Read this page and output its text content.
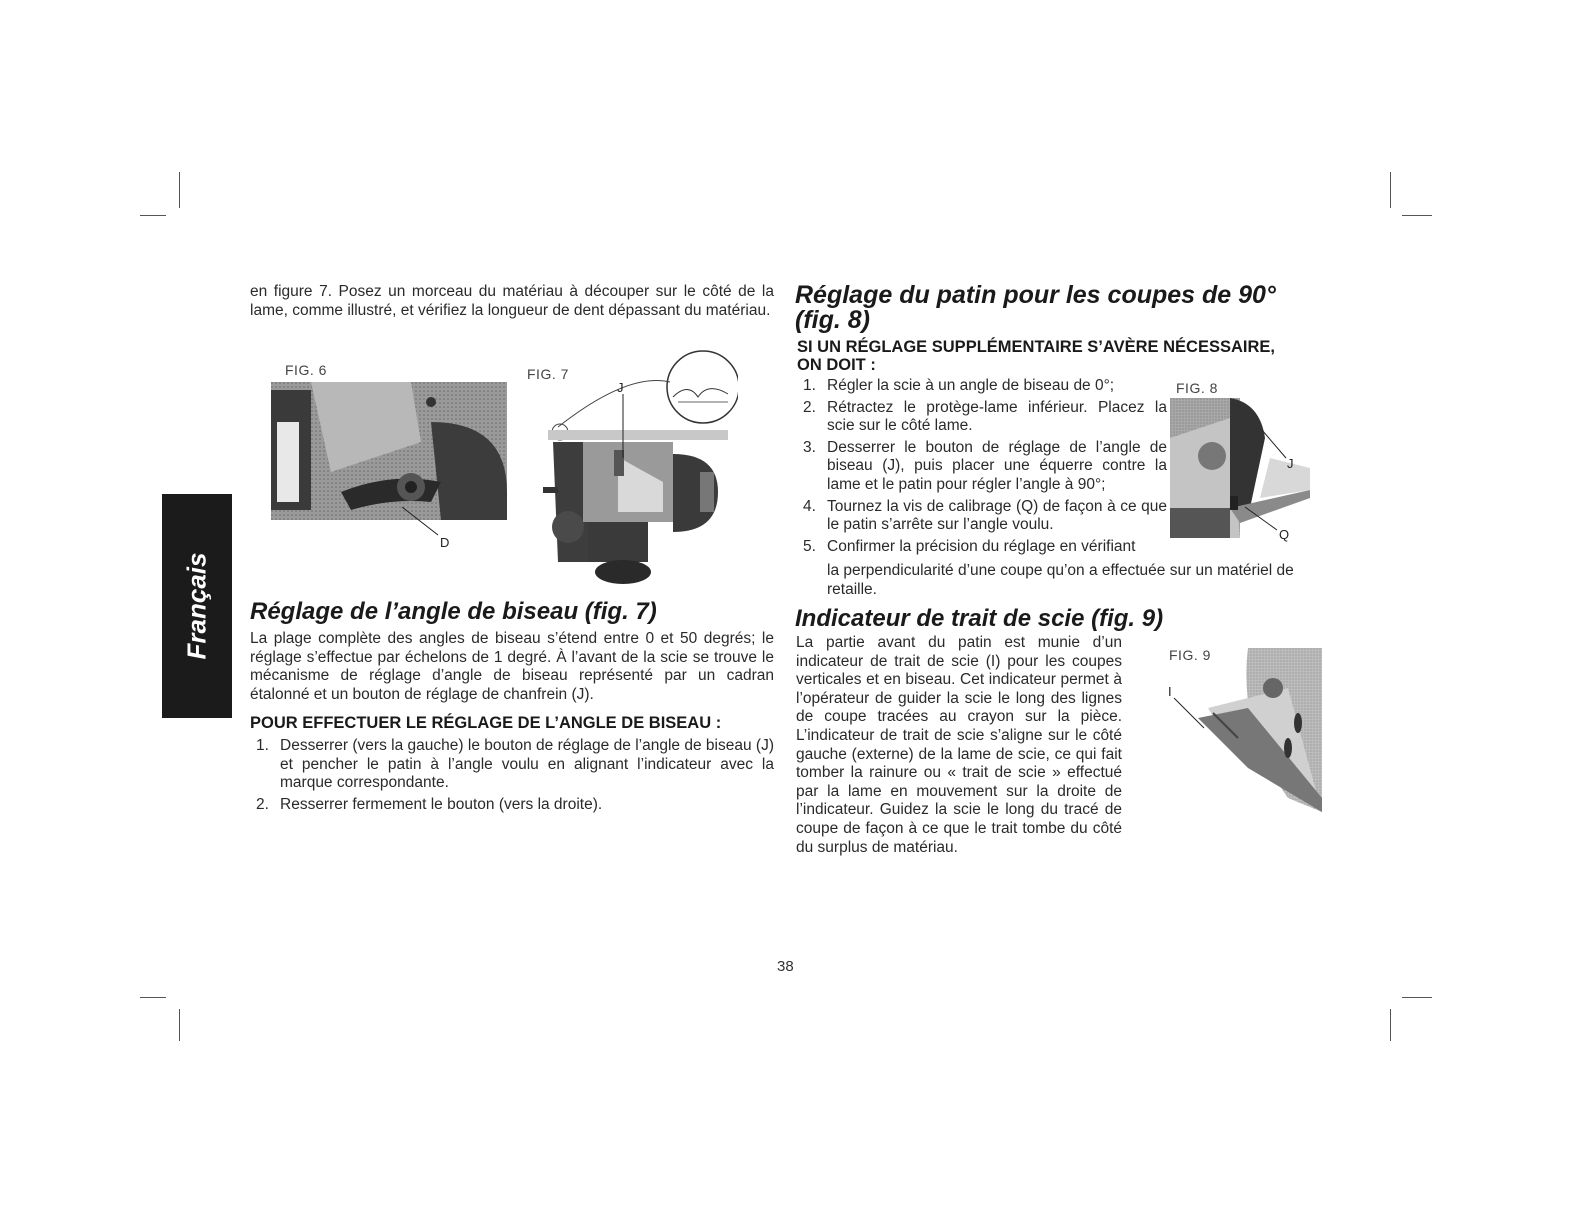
Français
en figure 7. Posez un morceau du matériau à découper sur le côté de la lame, comme illustré, et vérifiez la longueur de dent dépassant du matériau.
FIG. 6
D
FIG. 7
J
Réglage de l’angle de biseau (fig. 7)
La plage complète des angles de biseau s’étend entre 0 et 50 degrés; le réglage s’effectue par échelons de 1 degré. À l’avant de la scie se trouve le mécanisme de réglage d’angle de biseau représenté par un cadran étalonné et un bouton de réglage de chanfrein (J).
POUR EFFECTUER LE RÉGLAGE DE L’ANGLE DE BISEAU :
1. Desserrer (vers la gauche) le bouton de réglage de l’angle de biseau (J) et pencher le patin à l’angle voulu en alignant l’indicateur avec la marque correspondante.
2. Resserrer fermement le bouton (vers la droite).
Réglage du patin pour les coupes de 90°
(fig. 8)
SI UN RÉGLAGE SUPPLÉMENTAIRE S’AVÈRE NÉCESSAIRE,
ON DOIT :
1. Régler la scie à un angle de biseau de 0°;
2. Rétractez le protège-lame inférieur. Placez la scie sur le côté lame.
3. Desserrer le bouton de réglage de l’angle de biseau (J), puis placer une équerre contre la lame et le patin pour régler l’angle à 90°;
4. Tournez la vis de calibrage (Q) de façon à ce que le patin s’arrête sur l’angle voulu.
5. Confirmer la précision du réglage en vérifiant
la perpendicularité d’une coupe qu’on a effectuée sur un matériel de retaille.
FIG. 8
J
Q
Indicateur de trait de scie (fig. 9)
La partie avant du patin est munie d’un indicateur de trait de scie (I) pour les coupes verticales et en biseau. Cet indicateur permet à l’opérateur de guider la scie le long des lignes de coupe tracées au crayon sur la pièce. L’indicateur de trait de scie s’aligne sur le côté gauche (externe) de la lame de scie, ce qui fait tomber la rainure ou « trait de scie » effectué par la lame en mouvement sur la droite de l’indicateur. Guidez la scie le long du tracé de coupe de façon à ce que le trait tombe du côté du surplus de matériau.
FIG. 9
I
38
